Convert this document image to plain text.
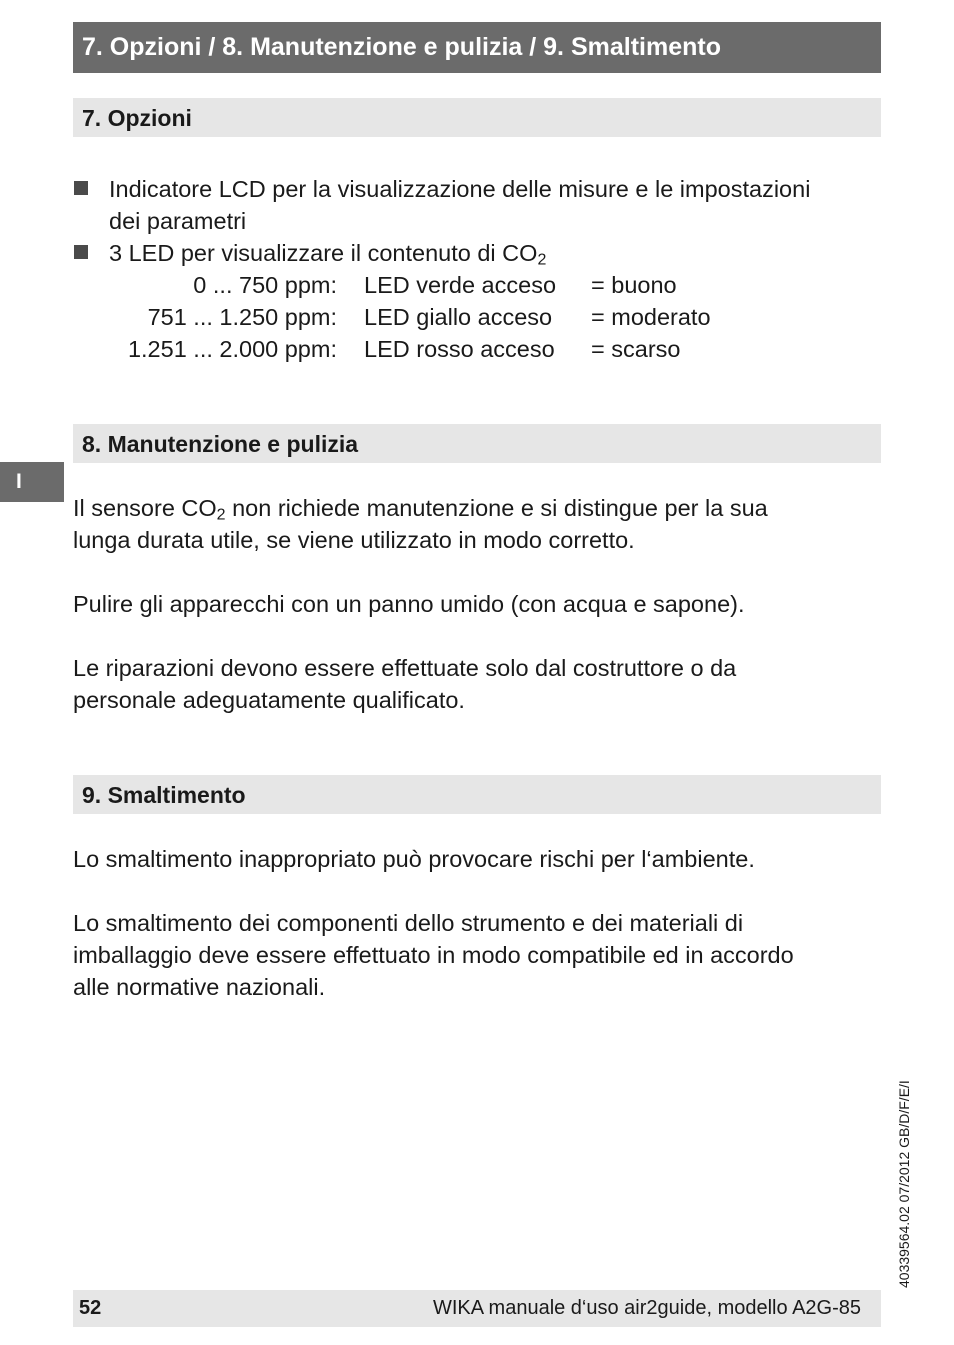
7. Opzioni / 8. Manutenzione e pulizia / 9. Smaltimento
7. Opzioni
Indicatore LCD per la visualizzazione delle misure e le impostazioni
dei parametri
3 LED per visualizzare il contenuto di $CO_2$
0 ... 750 ppm: LED verde acceso = buono
751 ... 1.250 ppm: LED giallo acceso = moderato
1.251 ... 2.000 ppm: LED rosso acceso = scarso
I
8. Manutenzione e pulizia
Il sensore $CO_2$ non richiede manutenzione e si distingue per la sua
lunga durata utile, se viene utilizzato in modo corretto.
Pulire gli apparecchi con un panno umido (con acqua e sapone).
Le riparazioni devono essere effettuate solo dal costruttore o da
personale adeguatamente qualificato.
9. Smaltimento
Lo smaltimento inappropriato può provocare rischi per l‘ambiente.
Lo smaltimento dei componenti dello strumento e dei materiali di
imballaggio deve essere effettuato in modo compatibile ed in accordo
alle normative nazionali.
40339564.02 07/2012 GB/D/F/E/I
52	WIKA manuale d‘uso air2guide, modello A2G-85
